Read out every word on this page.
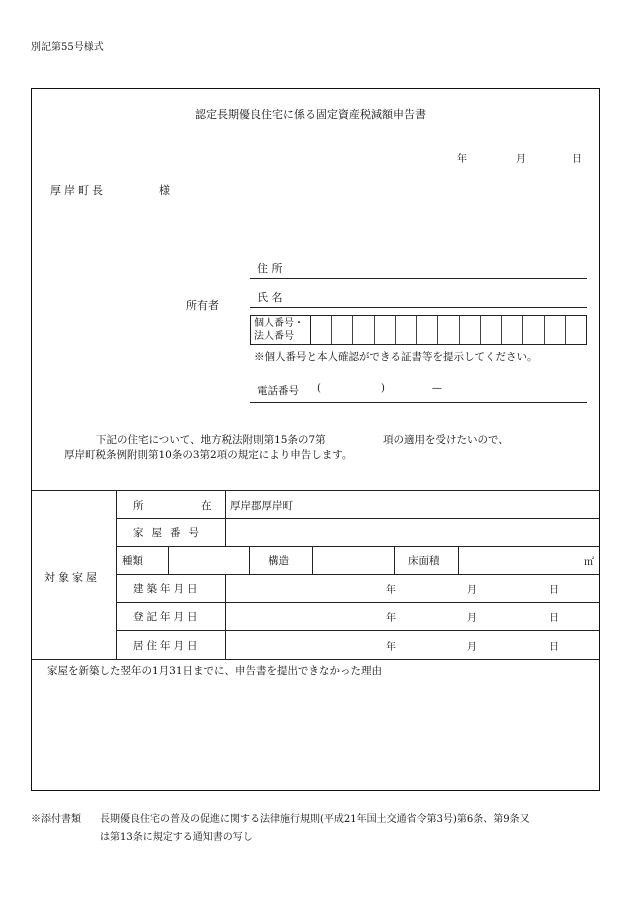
別記第55号様式
認定長期優良住宅に係る固定資産税減額申告書
年	月	日
厚岸町長	様
所有者
住 所
氏 名
個人番号・
法人番号
※個人番号と本人確認ができる証書等を提示してください。
電話番号 (	)	—
下記の住宅について、地方税法附則第15条の7第	項の適用を受けたいので、
厚岸町税条例附則第10条の3第2項の規定により申告します。
対象家屋
所	在 厚岸郡厚岸町
家屋番号
種類	構造	床面積	㎡
建築年月日	年	月	日
登記年月日	年	月	日
居住年月日	年	月	日
家屋を新築した翌年の1月31日までに、申告書を提出できなかった理由
※添付書類 長期優良住宅の普及の促進に関する法律施行規則(平成21年国土交通省令第3号)第6条、第9条又
は第13条に規定する通知書の写し
